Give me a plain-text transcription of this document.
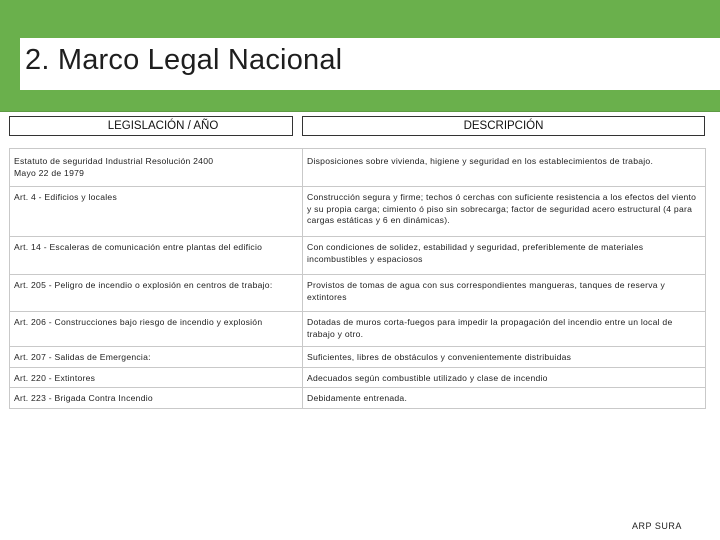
2. Marco Legal Nacional
LEGISLACIÓN / AÑO	DESCRIPCIÓN
Estatuto de seguridad Industrial Resolución 2400
Mayo 22 de 1979	Disposiciones sobre vivienda, higiene y seguridad en los establecimientos de trabajo.
Art. 4 - Edificios y locales	Construcción segura y firme; techos ó cerchas con suficiente resistencia a los efectos del viento y su propia carga; cimiento ó piso sin sobrecarga; factor de seguridad acero estructural (4 para cargas estáticas y 6 en dinámicas).
Art. 14 - Escaleras de comunicación entre plantas del edificio	Con condiciones de solidez, estabilidad y seguridad, preferiblemente de materiales incombustibles y espaciosos
Art. 205 - Peligro de incendio o explosión en centros de trabajo:	Provistos de tomas de agua con sus correspondientes mangueras, tanques de reserva y extintores
Art. 206 - Construcciones bajo riesgo de incendio y explosión	Dotadas de muros corta-fuegos para impedir la propagación del incendio entre un local de trabajo y otro.
Art. 207 - Salidas de Emergencia:	Suficientes, libres de obstáculos y convenientemente distribuidas
Art. 220 - Extintores	Adecuados según combustible utilizado y clase de incendio
Art. 223 - Brigada Contra Incendio	Debidamente entrenada.
ARP SURA
